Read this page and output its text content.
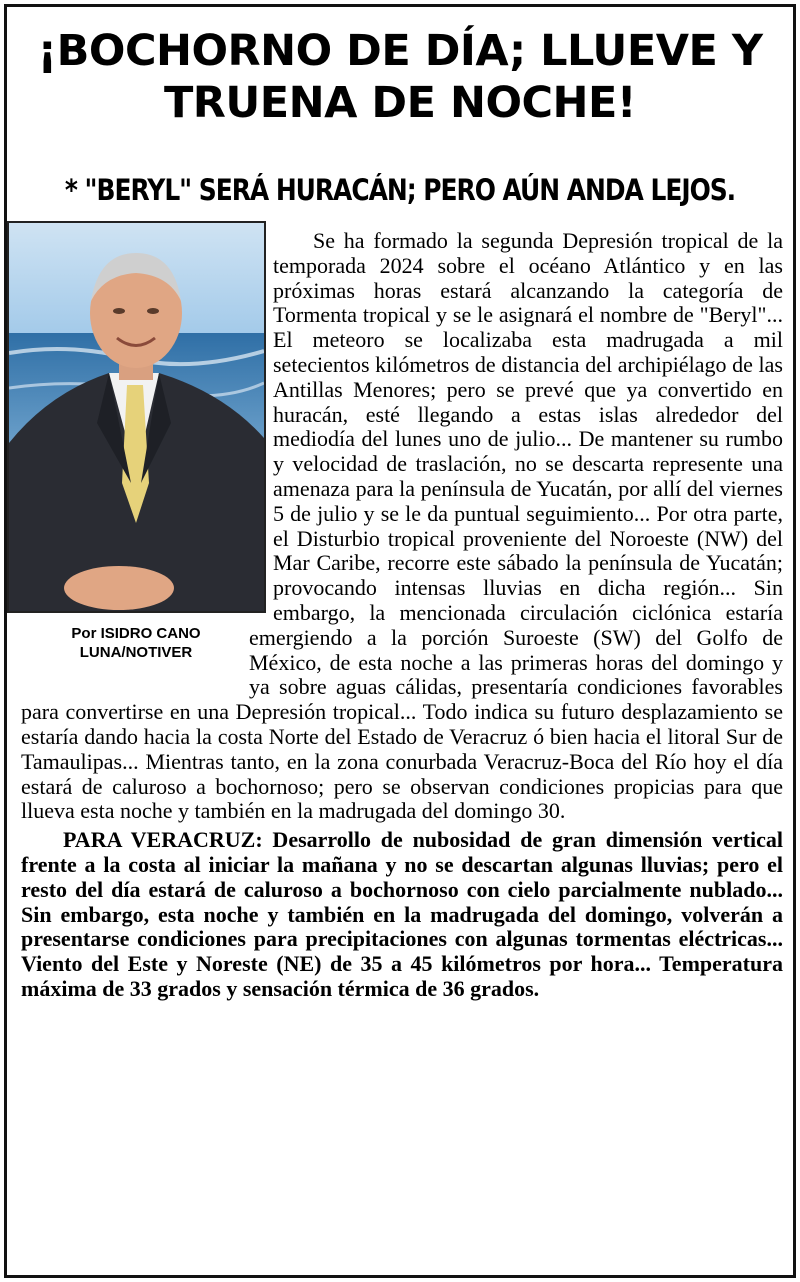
¡BOCHORNO DE DÍA; LLUEVE Y TRUENA DE NOCHE!
* "BERYL" SERÁ HURACÁN; PERO AÚN ANDA LEJOS.
Por ISIDRO CANO LUNA/NOTIVER

Se ha formado la segunda Depresión tropical de la temporada 2024 sobre el océano Atlántico y en las próximas horas estará alcanzando la categoría de Tormenta tropical y se le asignará el nombre de "Beryl"... El meteoro se localizaba esta madrugada a mil setecientos kilómetros de distancia del archipiélago de las Antillas Menores; pero se prevé que ya convertido en huracán, esté llegando a estas islas alrededor del mediodía del lunes uno de julio... De mantener su rumbo y velocidad de traslación, no se descarta represente una amenaza para la península de Yucatán, por allí del viernes 5 de julio y se le da puntual seguimiento... Por otra parte, el Disturbio tropical proveniente del Noroeste (NW) del Mar Caribe, recorre este sábado la península de Yucatán; provocando intensas lluvias en dicha región... Sin embargo, la mencionada circulación ciclónica estaría emergiendo a la porción Suroeste (SW) del Golfo de México, de esta noche a las primeras horas del domingo y ya sobre aguas cálidas, presentaría condiciones favorables para convertirse en una Depresión tropical... Todo indica su futuro desplazamiento se estaría dando hacia la costa Norte del Estado de Veracruz ó bien hacia el litoral Sur de Tamaulipas... Mientras tanto, en la zona conurbada Veracruz-Boca del Río hoy el día estará de caluroso a bochornoso; pero se observan condiciones propicias para que llueva esta noche y también en la madrugada del domingo 30.

PARA VERACRUZ: Desarrollo de nubosidad de gran dimensión vertical frente a la costa al iniciar la mañana y no se descartan algunas lluvias; pero el resto del día estará de caluroso a bochornoso con cielo parcialmente nublado... Sin embargo, esta noche y también en la madrugada del domingo, volverán a presentarse condiciones para precipitaciones con algunas tormentas eléctricas... Viento del Este y Noreste (NE) de 35 a 45 kilómetros por hora... Temperatura máxima de 33 grados y sensación térmica de 36 grados.
